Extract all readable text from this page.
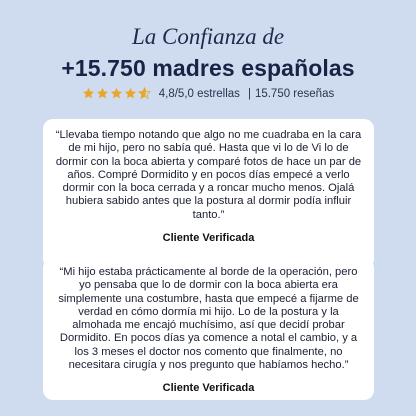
La Confianza de
+15.750 madres españolas
4,8/5,0 estrellas | 15.750 reseñas

“Llevaba tiempo notando que algo no me cuadraba en la cara de mi hijo, pero no sabía qué. Hasta que vi lo de Vi lo de dormir con la boca abierta y comparé fotos de hace un par de años. Compré Dormidito y en pocos días empecé a verlo dormir con la boca cerrada y a roncar mucho menos. Ojalá hubiera sabido antes que la postura al dormir podía influir tanto.”

Cliente Verificada

“Mi hijo estaba prácticamente al borde de la operación, pero yo pensaba que lo de dormir con la boca abierta era simplemente una costumbre, hasta que empecé a fijarme de verdad en cómo dormía mi hijo. Lo de la postura y la almohada me encajó muchísimo, así que decidí probar Dormidito. En pocos días ya comence a notal el cambio, y a los 3 meses el doctor nos comento que finalmente, no necesitara cirugía y nos pregunto que habíamos hecho.”

Cliente Verificada
